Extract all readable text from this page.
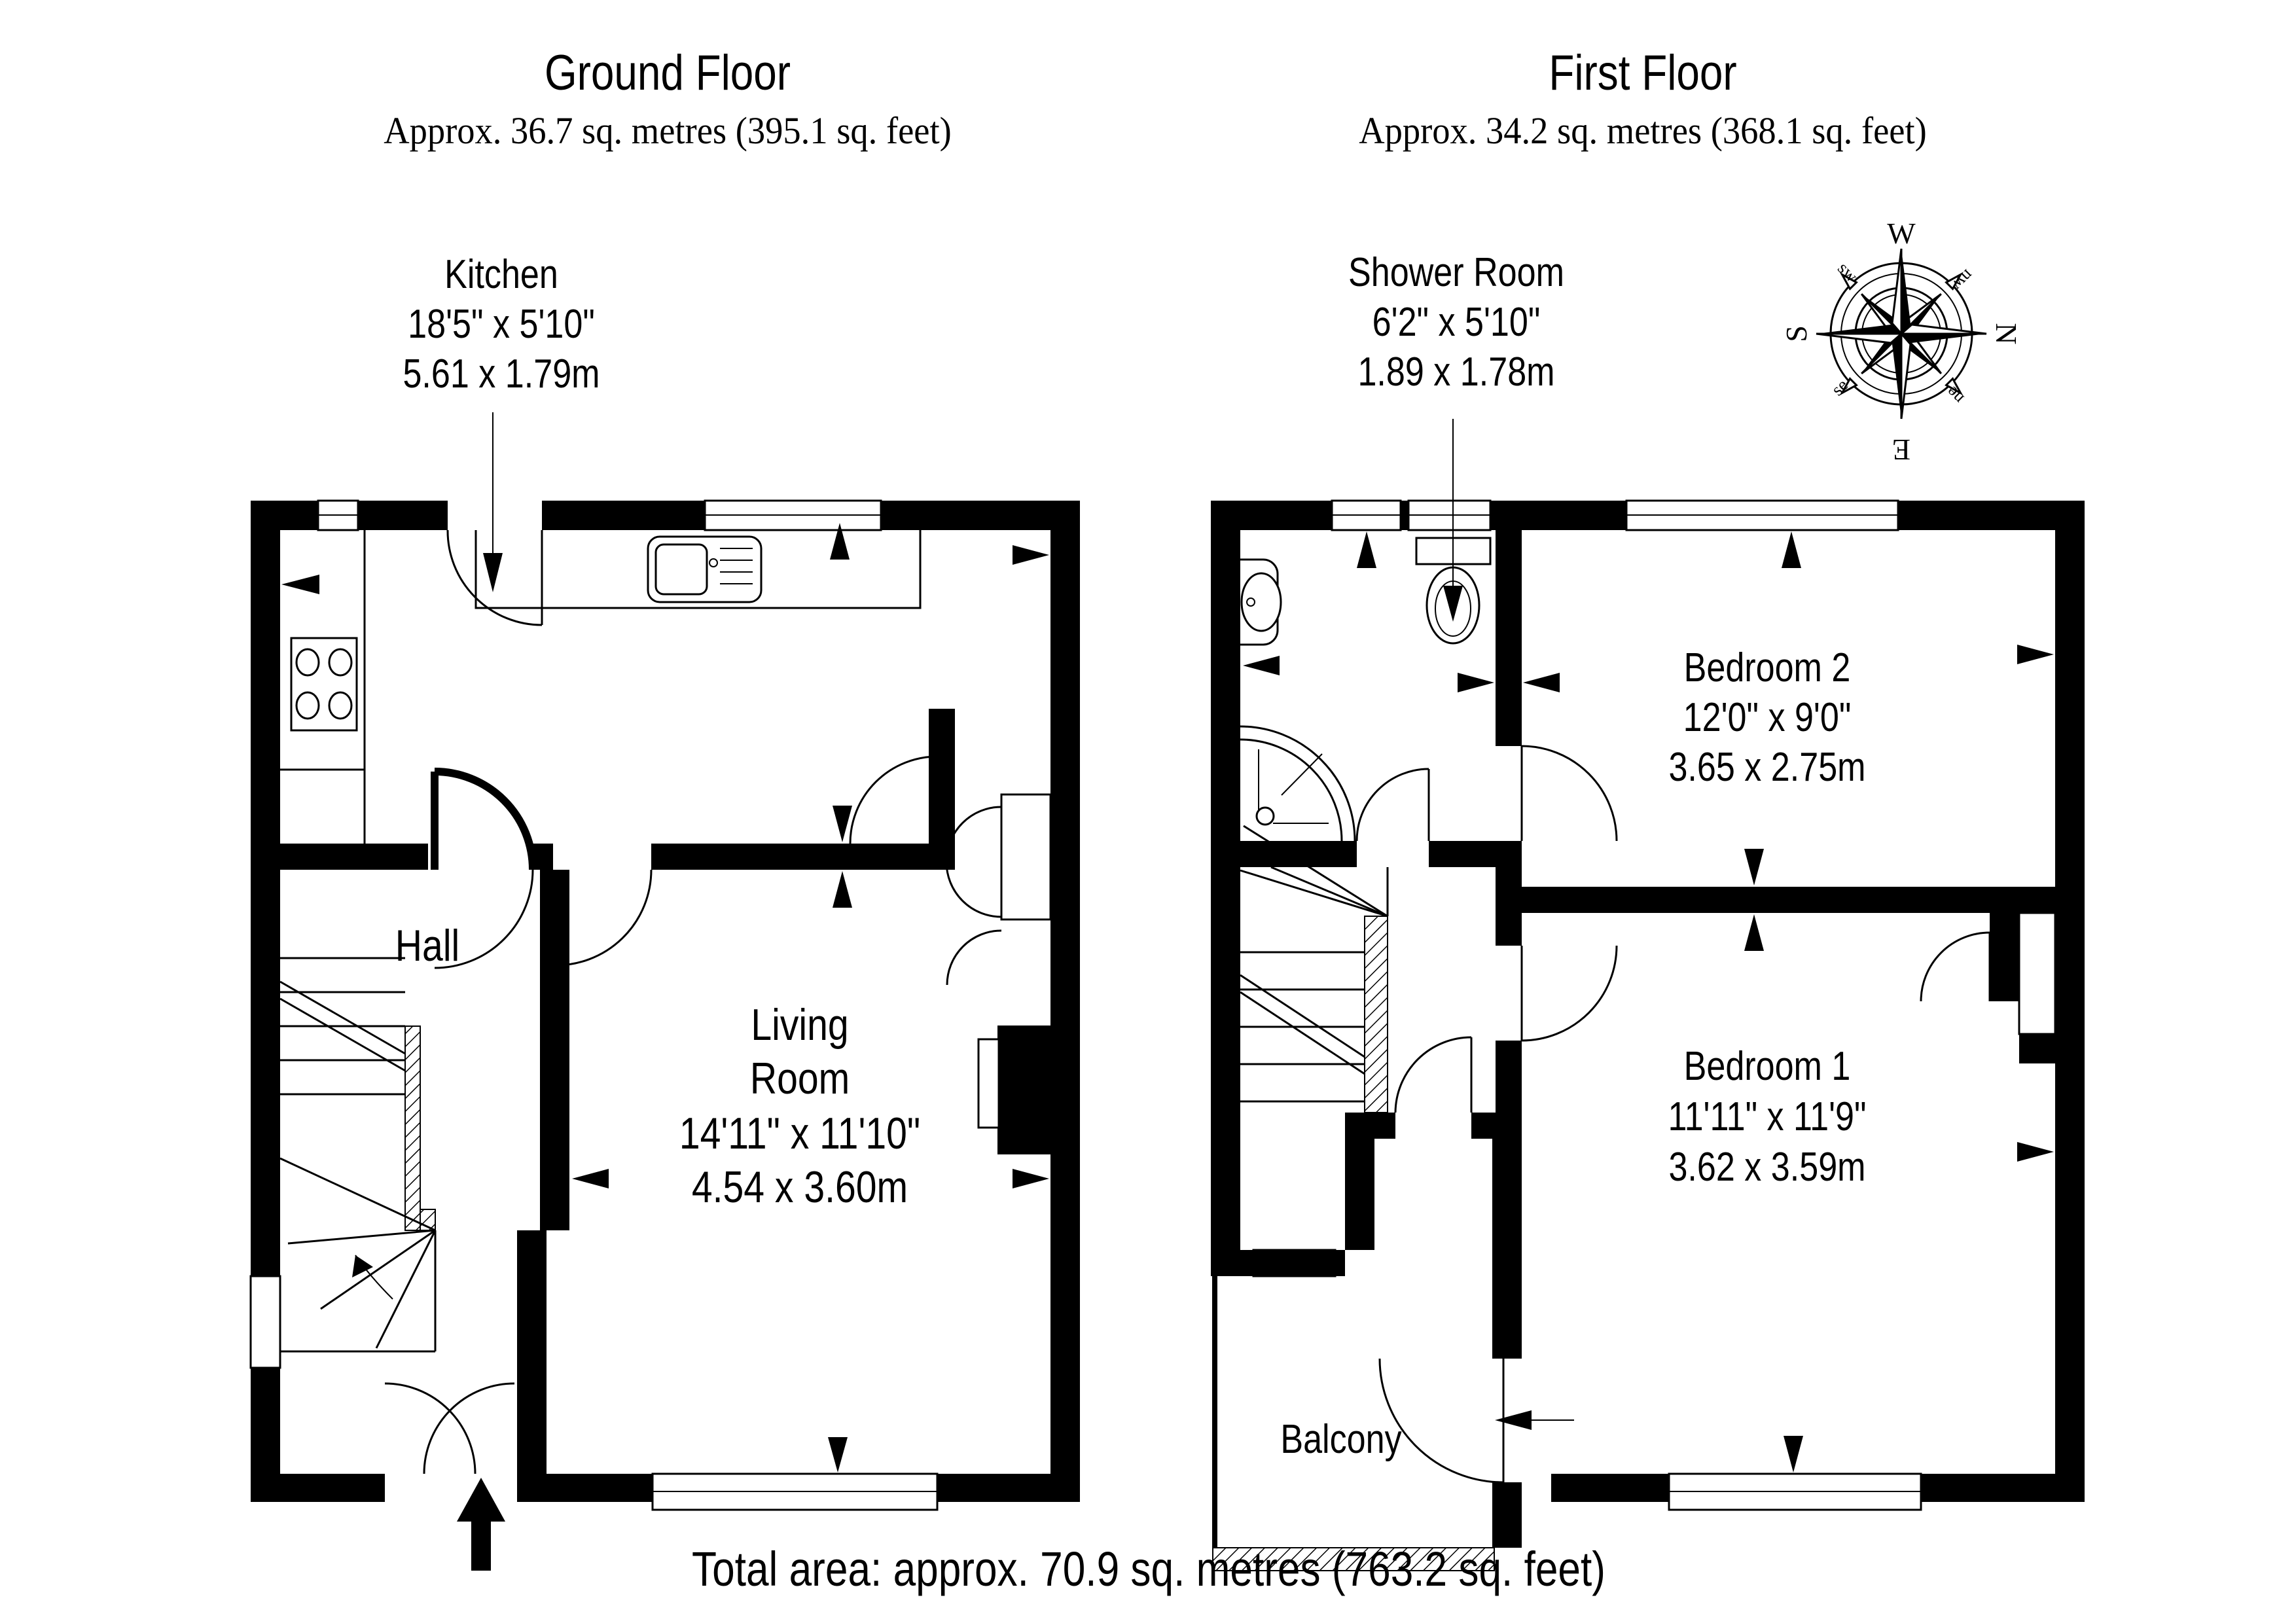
W
N
E
S
sw	nw
se	ne
Ground Floor
Approx. 36.7 sq. metres (395.1 sq. feet)
First Floor
Approx. 34.2 sq. metres (368.1 sq. feet)
Kitchen
18'5" x 5'10"
5.61 x 1.79m
Hall
Living
Room
14'11" x 11'10"
4.54 x 3.60m
Shower Room
6'2" x 5'10"
1.89 x 1.78m
Bedroom 2
12'0" x 9'0"
3.65 x 2.75m
Bedroom 1
11'11" x 11'9"
3.62 x 3.59m
Balcony
Total area: approx. 70.9 sq. metres (763.2 sq. feet)
